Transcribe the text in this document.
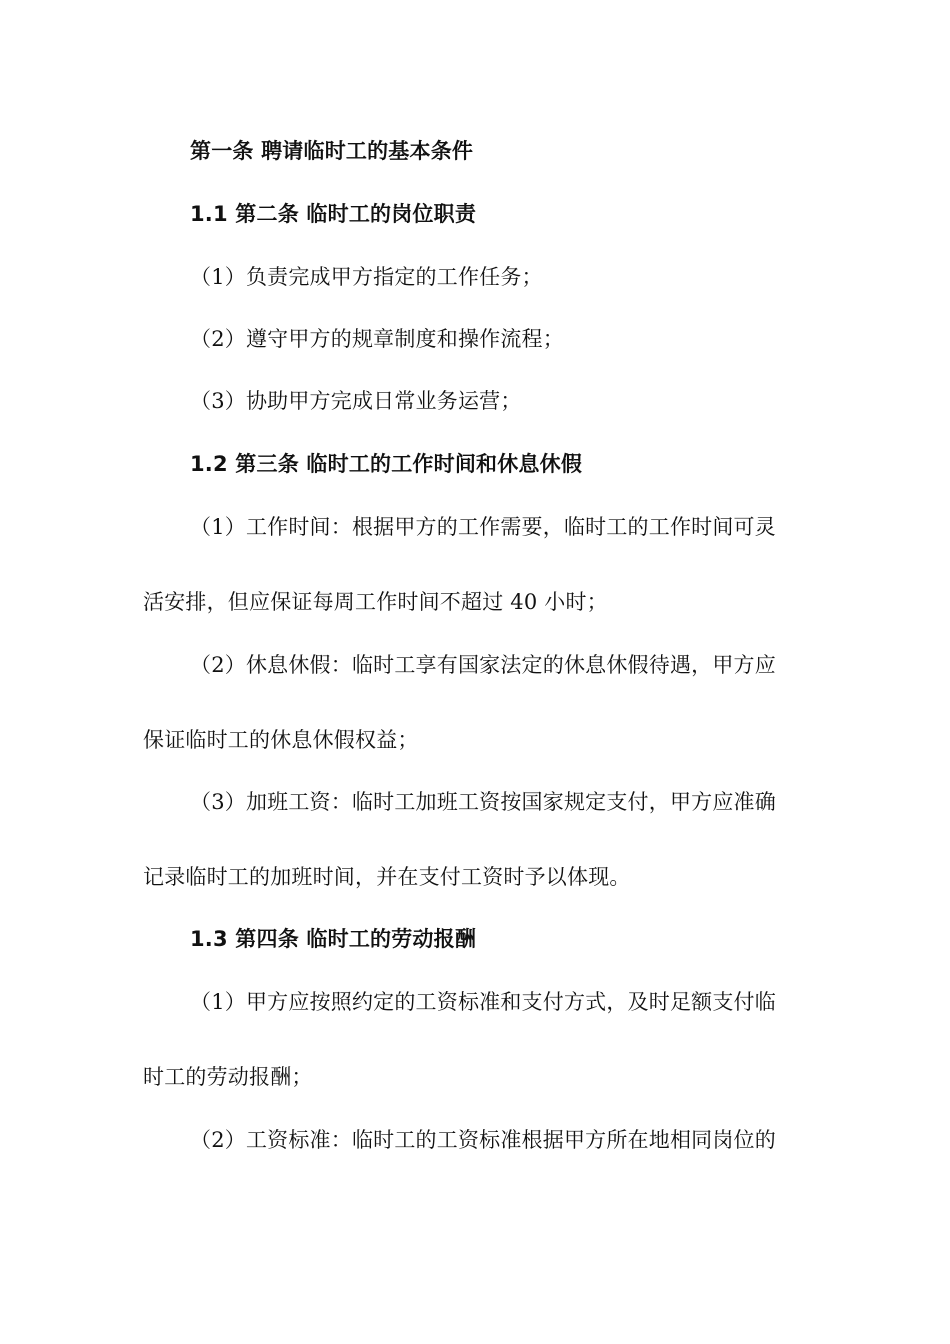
第一条 聘请临时工的基本条件
1.1 第二条 临时工的岗位职责
（1）负责完成甲方指定的工作任务；
（2）遵守甲方的规章制度和操作流程；
（3）协助甲方完成日常业务运营；
1.2 第三条 临时工的工作时间和休息休假
（1）工作时间：根据甲方的工作需要，临时工的工作时间可灵
活安排，但应保证每周工作时间不超过 40 小时；
（2）休息休假：临时工享有国家法定的休息休假待遇，甲方应
保证临时工的休息休假权益；
（3）加班工资：临时工加班工资按国家规定支付，甲方应准确
记录临时工的加班时间，并在支付工资时予以体现。
1.3 第四条 临时工的劳动报酬
（1）甲方应按照约定的工资标准和支付方式，及时足额支付临
时工的劳动报酬；
（2）工资标准：临时工的工资标准根据甲方所在地相同岗位的
